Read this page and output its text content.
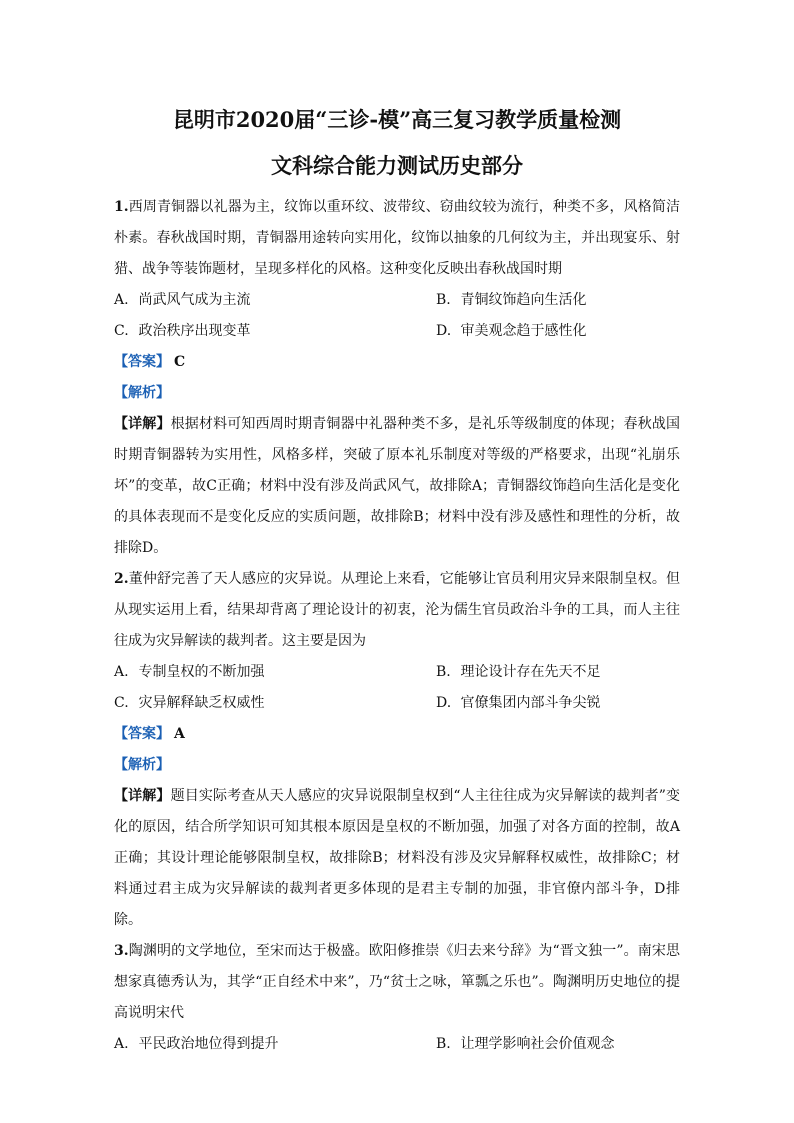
昆明市2020届“三诊-模”高三复习教学质量检测
文科综合能力测试历史部分
1.西周青铜器以礼器为主，纹饰以重环纹、波带纹、窃曲纹较为流行，种类不多，风格简洁朴素。春秋战国时期，青铜器用途转向实用化，纹饰以抽象的几何纹为主，并出现宴乐、射猎、战争等装饰题材，呈现多样化的风格。这种变化反映出春秋战国时期
A. 尚武风气成为主流	B. 青铜纹饰趋向生活化
C. 政治秩序出现变革	D. 审美观念趋于感性化
【答案】 C
【解析】
【详解】根据材料可知西周时期青铜器中礼器种类不多，是礼乐等级制度的体现；春秋战国时期青铜器转为实用性，风格多样，突破了原本礼乐制度对等级的严格要求，出现“礼崩乐坏”的变革，故C正确；材料中没有涉及尚武风气，故排除A；青铜器纹饰趋向生活化是变化的具体表现而不是变化反应的实质问题，故排除B；材料中没有涉及感性和理性的分析，故排除D。
2.董仲舒完善了天人感应的灾异说。从理论上来看，它能够让官员利用灾异来限制皇权。但从现实运用上看，结果却背离了理论设计的初衷，沦为儒生官员政治斗争的工具，而人主往往成为灾异解读的裁判者。这主要是因为
A. 专制皇权的不断加强	B. 理论设计存在先天不足
C. 灾异解释缺乏权威性	D. 官僚集团内部斗争尖锐
【答案】 A
【解析】
【详解】题目实际考查从天人感应的灾异说限制皇权到“人主往往成为灾异解读的裁判者”变化的原因，结合所学知识可知其根本原因是皇权的不断加强，加强了对各方面的控制，故A正确；其设计理论能够限制皇权，故排除B；材料没有涉及灾异解释权威性，故排除C；材料通过君主成为灾异解读的裁判者更多体现的是君主专制的加强，非官僚内部斗争，D排除。
3.陶渊明的文学地位，至宋而达于极盛。欧阳修推崇《归去来兮辞》为“晋文独一”。南宋思想家真德秀认为，其学“正自经术中来”，乃“贫士之咏，箪瓢之乐也”。陶渊明历史地位的提高说明宋代
A. 平民政治地位得到提升	B. 让理学影响社会价值观念
